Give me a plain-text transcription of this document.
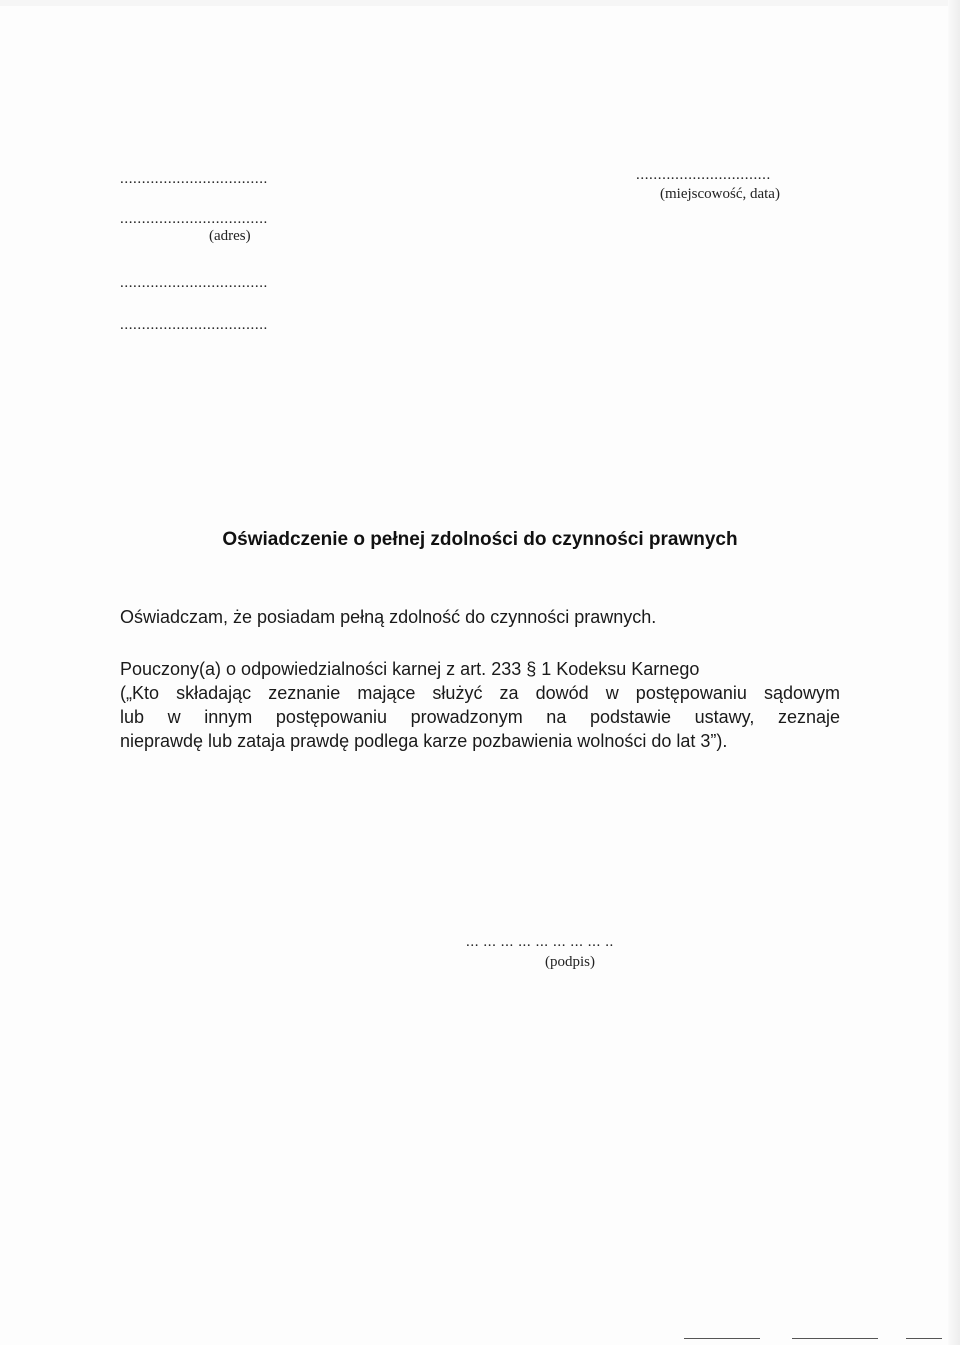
..................................
..................................
(adres)
...............................
(miejscowość, data)
..................................
..................................
Oświadczenie o pełnej zdolności do czynności prawnych
Oświadczam, że posiadam pełną zdolność do czynności prawnych.
Pouczony(a) o odpowiedzialności karnej z art. 233 § 1 Kodeksu Karnego
(„Kto składając zeznanie mające służyć za dowód w postępowaniu sądowym
lub w innym postępowaniu prowadzonym na podstawie ustawy, zeznaje
nieprawdę lub zataja prawdę podlega karze pozbawienia wolności do lat 3”).
... ... ... ... ... ... ... ... ..
(podpis)
